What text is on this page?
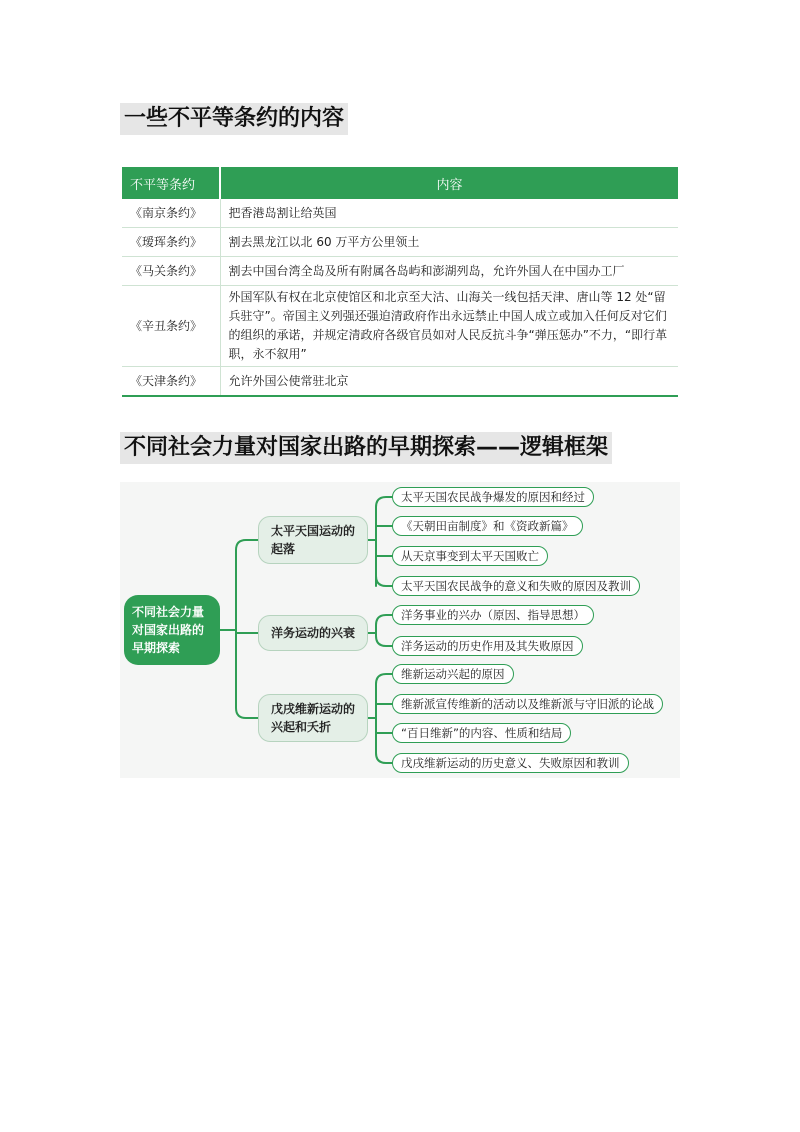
一些不平等条约的内容
不平等条约	内容
《南京条约》	把香港岛割让给英国
《瑷珲条约》	割去黑龙江以北 60 万平方公里领土
《马关条约》	割去中国台湾全岛及所有附属各岛屿和澎湖列岛，允许外国人在中国办工厂
《辛丑条约》	外国军队有权在北京使馆区和北京至大沽、山海关一线包括天津、唐山等 12 处“留兵驻守”。帝国主义列强还强迫清政府作出永远禁止中国人成立或加入任何反对它们的组织的承诺，并规定清政府各级官员如对人民反抗斗争“弹压惩办”不力，“即行革职，永不叙用”
《天津条约》	允许外国公使常驻北京
不同社会力量对国家出路的早期探索——逻辑框架
不同社会力量对国家出路的早期探索
太平天国运动的起落
洋务运动的兴衰
戊戌维新运动的兴起和夭折
太平天国农民战争爆发的原因和经过
《天朝田亩制度》和《资政新篇》
从天京事变到太平天国败亡
太平天国农民战争的意义和失败的原因及教训
洋务事业的兴办（原因、指导思想）
洋务运动的历史作用及其失败原因
维新运动兴起的原因
维新派宣传维新的活动以及维新派与守旧派的论战
“百日维新”的内容、性质和结局
戊戌维新运动的历史意义、失败原因和教训
